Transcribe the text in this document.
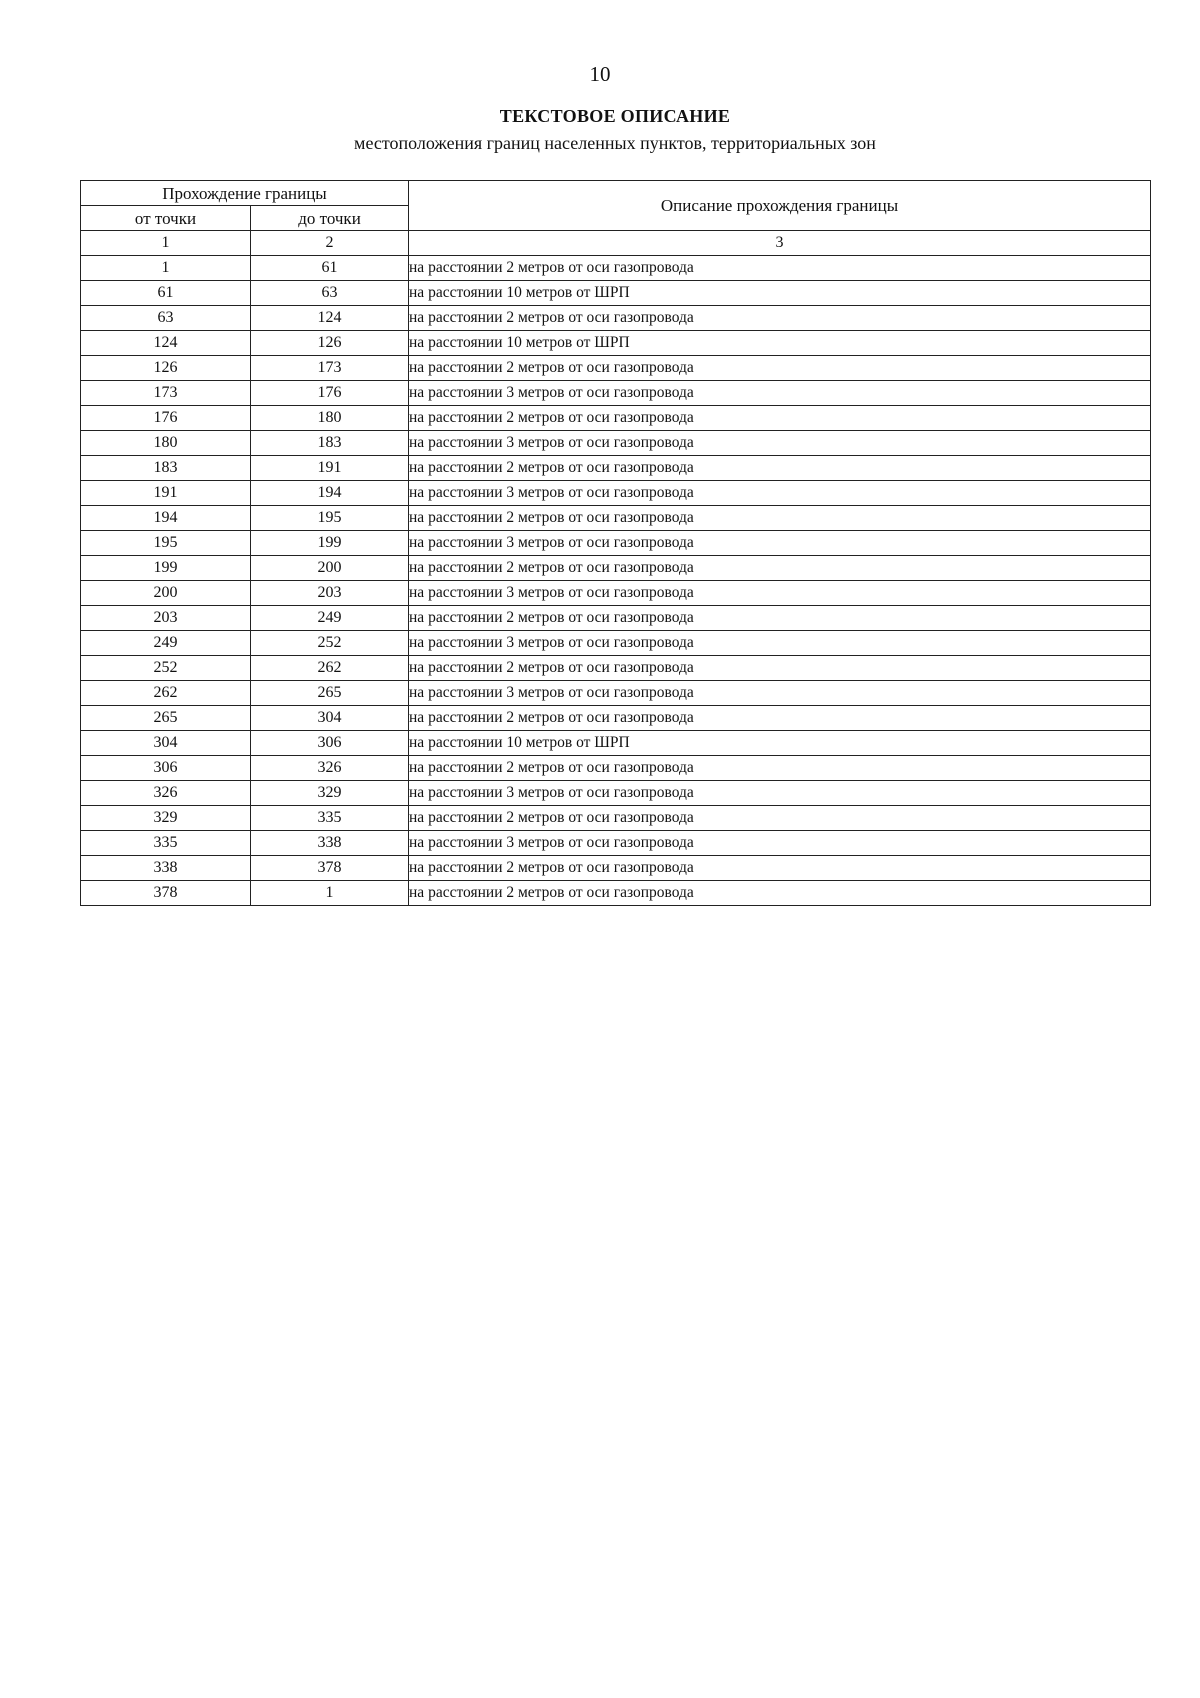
10
ТЕКСТОВОЕ ОПИСАНИЕ
местоположения границ населенных пунктов, территориальных зон
Прохождение границы		Описание прохождения границы
от точки	до точки	
1	2	3
1	61	на расстоянии 2 метров от оси газопровода
61	63	на расстоянии 10 метров от ШРП
63	124	на расстоянии 2 метров от оси газопровода
124	126	на расстоянии 10 метров от ШРП
126	173	на расстоянии 2 метров от оси газопровода
173	176	на расстоянии 3 метров от оси газопровода
176	180	на расстоянии 2 метров от оси газопровода
180	183	на расстоянии 3 метров от оси газопровода
183	191	на расстоянии 2 метров от оси газопровода
191	194	на расстоянии 3 метров от оси газопровода
194	195	на расстоянии 2 метров от оси газопровода
195	199	на расстоянии 3 метров от оси газопровода
199	200	на расстоянии 2 метров от оси газопровода
200	203	на расстоянии 3 метров от оси газопровода
203	249	на расстоянии 2 метров от оси газопровода
249	252	на расстоянии 3 метров от оси газопровода
252	262	на расстоянии 2 метров от оси газопровода
262	265	на расстоянии 3 метров от оси газопровода
265	304	на расстоянии 2 метров от оси газопровода
304	306	на расстоянии 10 метров от ШРП
306	326	на расстоянии 2 метров от оси газопровода
326	329	на расстоянии 3 метров от оси газопровода
329	335	на расстоянии 2 метров от оси газопровода
335	338	на расстоянии 3 метров от оси газопровода
338	378	на расстоянии 2 метров от оси газопровода
378	1	на расстоянии 2 метров от оси газопровода
